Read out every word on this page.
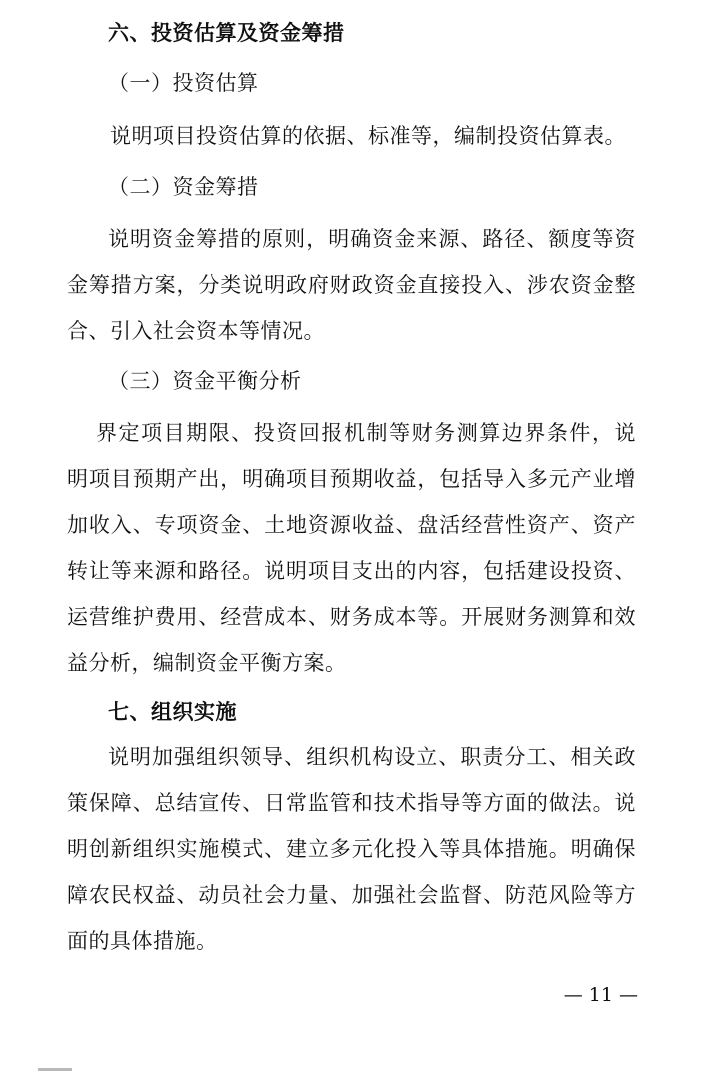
六、投资估算及资金筹措
（一）投资估算
说明项目投资估算的依据、标准等，编制投资估算表。
（二）资金筹措
说明资金筹措的原则，明确资金来源、路径、额度等资
金筹措方案，分类说明政府财政资金直接投入、涉农资金整
合、引入社会资本等情况。
（三）资金平衡分析
界定项目期限、投资回报机制等财务测算边界条件，说
明项目预期产出，明确项目预期收益，包括导入多元产业增
加收入、专项资金、土地资源收益、盘活经营性资产、资产
转让等来源和路径。说明项目支出的内容，包括建设投资、
运营维护费用、经营成本、财务成本等。开展财务测算和效
益分析，编制资金平衡方案。
七、组织实施
说明加强组织领导、组织机构设立、职责分工、相关政
策保障、总结宣传、日常监管和技术指导等方面的做法。说
明创新组织实施模式、建立多元化投入等具体措施。明确保
障农民权益、动员社会力量、加强社会监督、防范风险等方
面的具体措施。
— 11 —
